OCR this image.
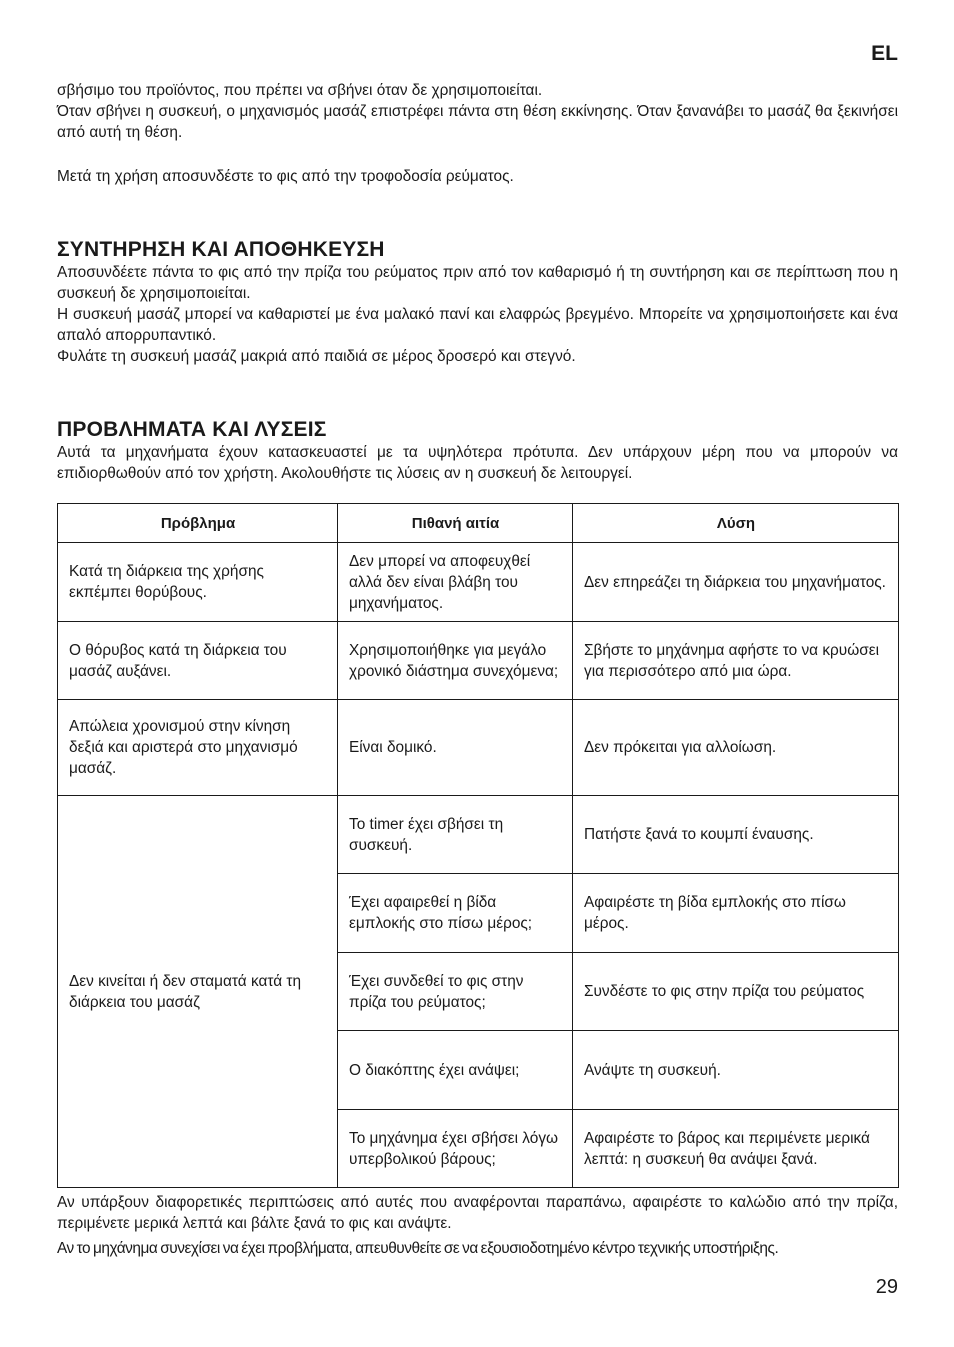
EL

σβήσιμο του προϊόντος, που πρέπει να σβήνει όταν δε χρησιμοποιείται.

Όταν σβήνει η συσκευή, ο μηχανισμός μασάζ επιστρέφει πάντα στη θέση εκκίνησης. Όταν ξανανάβει το μασάζ θα ξεκινήσει από αυτή τη θέση.

Μετά τη χρήση αποσυνδέστε το φις από την τροφοδοσία ρεύματος.

ΣΥΝΤΗΡΗΣΗ ΚΑΙ ΑΠΟΘΗΚΕΥΣΗ

Αποσυνδέετε πάντα το φις από την πρίζα του ρεύματος πριν από τον καθαρισμό ή τη συντήρηση και σε περίπτωση που η συσκευή δε χρησιμοποιείται.

Η συσκευή μασάζ μπορεί να καθαριστεί με ένα μαλακό πανί και ελαφρώς βρεγμένο. Μπορείτε να χρησιμοποιήσετε και ένα απαλό απορρυπαντικό.

Φυλάτε τη συσκευή μασάζ μακριά από παιδιά σε μέρος δροσερό και στεγνό.

ΠΡΟΒΛΗΜΑΤΑ ΚΑΙ ΛΥΣΕΙΣ

Αυτά τα μηχανήματα έχουν κατασκευαστεί με τα υψηλότερα πρότυπα. Δεν υπάρχουν μέρη που να μπορούν να επιδιορθωθούν από τον χρήστη. Ακολουθήστε τις λύσεις αν η συσκευή δε λειτουργεί.

Πρόβλημα	Πιθανή αιτία	Λύση
Κατά τη διάρκεια της χρήσης εκπέμπει θορύβους.	Δεν μπορεί να αποφευχθεί αλλά δεν είναι βλάβη του μηχανήματος.	Δεν επηρεάζει τη διάρκεια του μηχανήματος.
Ο θόρυβος κατά τη διάρκεια του μασάζ αυξάνει.	Χρησιμοποιήθηκε για μεγάλο χρονικό διάστημα συνεχόμενα;	Σβήστε το μηχάνημα αφήστε το να κρυώσει για περισσότερο από μια ώρα.
Απώλεια χρονισμού στην κίνηση δεξιά και αριστερά στο μηχανισμό μασάζ.	Είναι δομικό.	Δεν πρόκειται για αλλοίωση.
Δεν κινείται ή δεν σταματά κατά τη διάρκεια του μασάζ	Το timer έχει σβήσει τη συσκευή.	Πατήστε ξανά το κουμπί έναυσης.
	Έχει αφαιρεθεί η βίδα εμπλοκής στο πίσω μέρος;	Αφαιρέστε τη βίδα εμπλοκής στο πίσω μέρος.
	Έχει συνδεθεί το φις στην πρίζα του ρεύματος;	Συνδέστε το φις στην πρίζα του ρεύματος
	Ο διακόπτης έχει ανάψει;	Ανάψτε τη συσκευή.
	Το μηχάνημα έχει σβήσει λόγω υπερβολικού βάρους;	Αφαιρέστε το βάρος και περιμένετε μερικά λεπτά: η συσκευή θα ανάψει ξανά.

Αν υπάρξουν διαφορετικές περιπτώσεις από αυτές που αναφέρονται παραπάνω, αφαιρέστε το καλώδιο από την πρίζα, περιμένετε μερικά λεπτά και βάλτε ξανά το φις και ανάψτε.

Αν το μηχάνημα συνεχίσει να έχει προβλήματα, απευθυνθείτε σε να εξουσιοδοτημένο κέντρο τεχνικής υποστήριξης.

29
